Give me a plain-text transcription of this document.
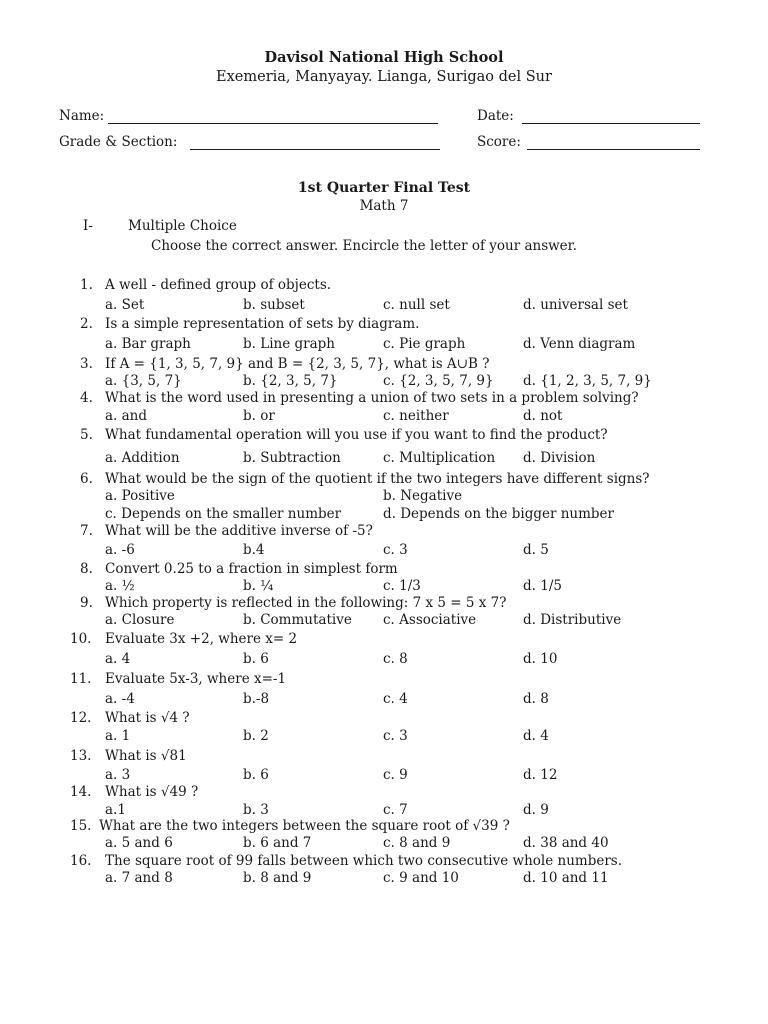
Davisol National High School
Exemeria, Manyayay. Lianga, Surigao del Sur
Name:	Date:
Grade & Section:	Score:
1st Quarter Final Test
Math 7
I-	Multiple Choice
Choose the correct answer. Encircle the letter of your answer.
1. A well - defined group of objects.
a. Set	b. subset	c. null set	d. universal set
2. Is a simple representation of sets by diagram.
a. Bar graph	b. Line graph	c. Pie graph	d. Venn diagram
3. If A = {1, 3, 5, 7, 9} and B = {2, 3, 5, 7}, what is A∪B ?
a. {3, 5, 7}	b. {2, 3, 5, 7}	c. {2, 3, 5, 7, 9} d. {1, 2, 3, 5, 7, 9}
4. What is the word used in presenting a union of two sets in a problem solving?
a. and	b. or	c. neither	d. not
5. What fundamental operation will you use if you want to find the product?
a. Addition	b. Subtraction	c. Multiplication d. Division
6. What would be the sign of the quotient if the two integers have different signs?
a. Positive	b. Negative
c. Depends on the smaller number	d. Depends on the bigger number
7. What will be the additive inverse of -5?
a. -6	b.4	c. 3	d. 5
8. Convert 0.25 to a fraction in simplest form
a. ½	b. ¼	c. 1/3	d. 1/5
9. Which property is reflected in the following: 7 x 5 = 5 x 7?
a. Closure	b. Commutative c. Associative	d. Distributive
10. Evaluate 3x +2, where x= 2
a. 4	b. 6	c. 8	d. 10
11. Evaluate 5x-3, where x=-1
a. -4	b.-8	c. 4	d. 8
12. What is √4 ?
a. 1	b. 2	c. 3	d. 4
13. What is √81
a. 3	b. 6	c. 9	d. 12
14. What is √49 ?
a.1	b. 3	c. 7	d. 9
15. What are the two integers between the square root of √39 ?
a. 5 and 6	b. 6 and 7	c. 8 and 9	d. 38 and 40
16. The square root of 99 falls between which two consecutive whole numbers.
a. 7 and 8	b. 8 and 9	c. 9 and 10	d. 10 and 11
